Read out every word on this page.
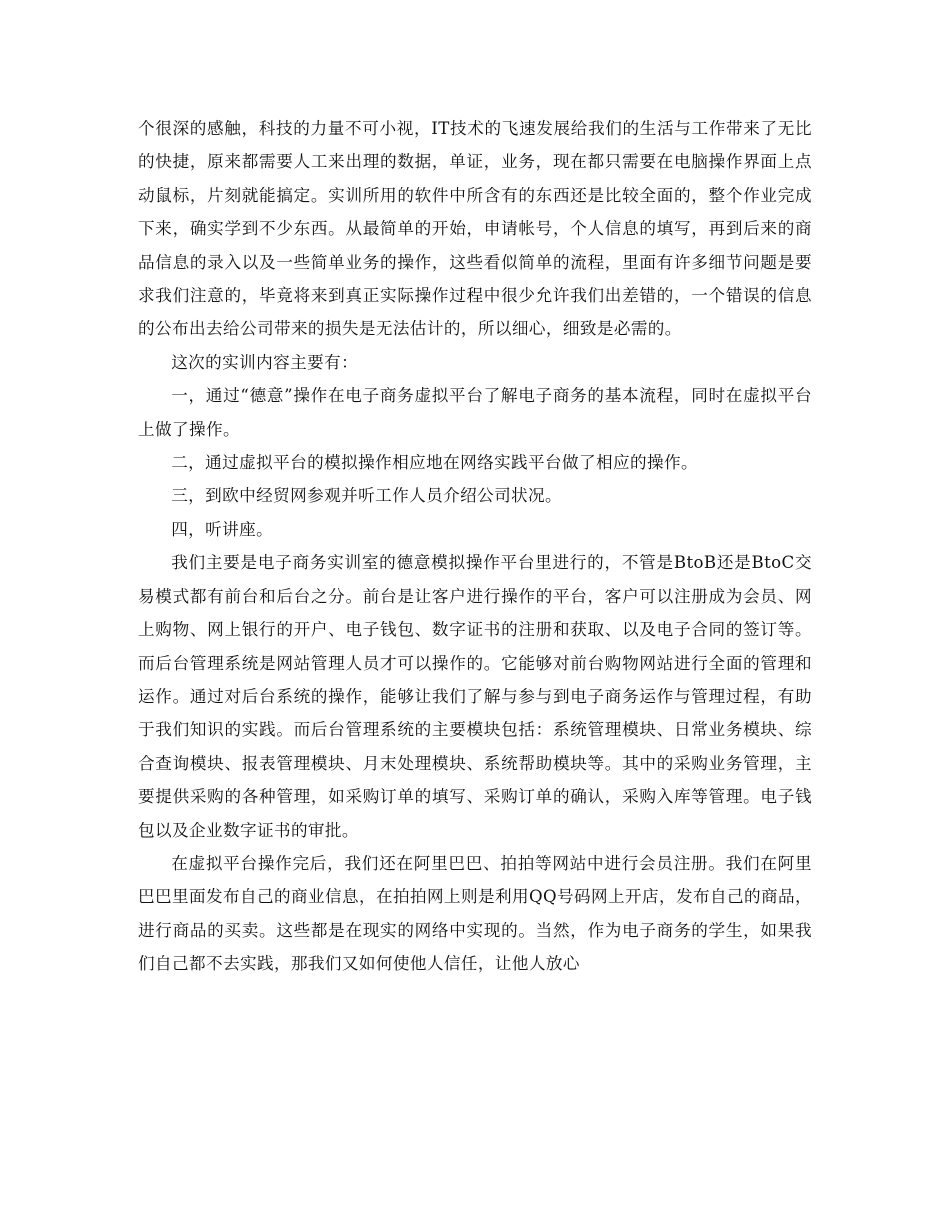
个很深的感触，科技的力量不可小视，IT技术的飞速发展给我们的生活与工作带来了无比的快捷，原来都需要人工来出理的数据，单证，业务，现在都只需要在电脑操作界面上点动鼠标，片刻就能搞定。实训所用的软件中所含有的东西还是比较全面的，整个作业完成下来，确实学到不少东西。从最简单的开始，申请帐号，个人信息的填写，再到后来的商品信息的录入以及一些简单业务的操作，这些看似简单的流程，里面有许多细节问题是要求我们注意的，毕竟将来到真正实际操作过程中很少允许我们出差错的，一个错误的信息的公布出去给公司带来的损失是无法估计的，所以细心，细致是必需的。

这次的实训内容主要有：

一，通过“德意”操作在电子商务虚拟平台了解电子商务的基本流程，同时在虚拟平台上做了操作。

二，通过虚拟平台的模拟操作相应地在网络实践平台做了相应的操作。

三，到欧中经贸网参观并听工作人员介绍公司状况。

四，听讲座。

我们主要是电子商务实训室的德意模拟操作平台里进行的，不管是BtoB还是BtoC交易模式都有前台和后台之分。前台是让客户进行操作的平台，客户可以注册成为会员、网上购物、网上银行的开户、电子钱包、数字证书的注册和获取、以及电子合同的签订等。而后台管理系统是网站管理人员才可以操作的。它能够对前台购物网站进行全面的管理和运作。通过对后台系统的操作，能够让我们了解与参与到电子商务运作与管理过程，有助于我们知识的实践。而后台管理系统的主要模块包括：系统管理模块、日常业务模块、综合查询模块、报表管理模块、月末处理模块、系统帮助模块等。其中的采购业务管理，主要提供采购的各种管理，如采购订单的填写、采购订单的确认，采购入库等管理。电子钱包以及企业数字证书的审批。

在虚拟平台操作完后，我们还在阿里巴巴、拍拍等网站中进行会员注册。我们在阿里巴巴里面发布自己的商业信息，在拍拍网上则是利用QQ号码网上开店，发布自己的商品，进行商品的买卖。这些都是在现实的网络中实现的。当然，作为电子商务的学生，如果我们自己都不去实践，那我们又如何使他人信任，让他人放心
